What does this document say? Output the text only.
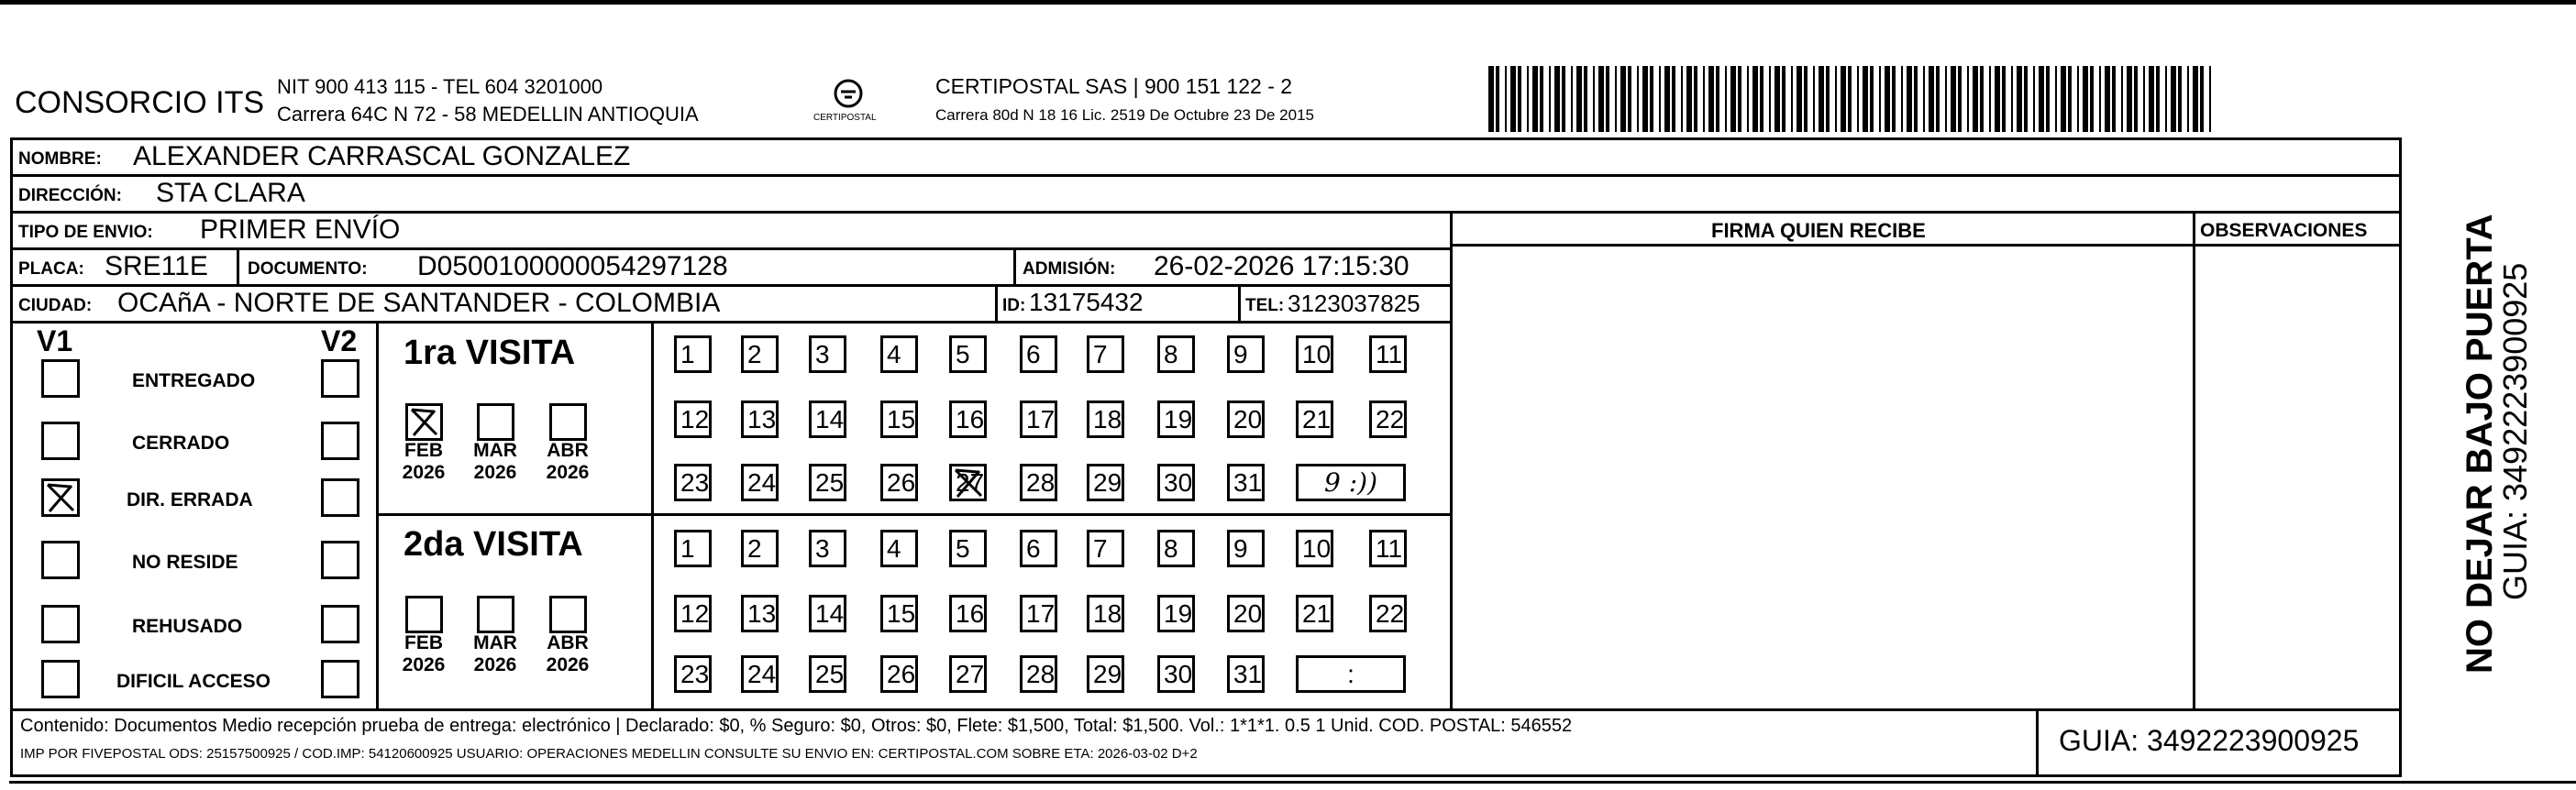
CONSORCIO ITS NIT 900 413 115 - TEL 604 3201000
Carrera 64C N 72 - 58 MEDELLIN ANTIOQUIA	CERTIPOSTAL
CERTIPOSTAL SAS | 900 151 122 - 2
Carrera 80d N 18 16 Lic. 2519 De Octubre 23 De 2015
NOMBRE: ALEXANDER CARRASCAL GONZALEZ
DIRECCIÓN: STA CLARA
TIPO DE ENVIO: PRIMER ENVÍO
PLACA: SRE11E DOCUMENTO: D0500100000054297128	ADMISIÓN: 26-02-2026 17:15:30
CIUDAD: OCAñA - NORTE DE SANTANDER - COLOMBIA	ID: 13175432	TEL: 3123037825
FIRMA QUIEN RECIBE	OBSERVACIONES
V1	V2
ENTREGADO
CERRADO
DIR. ERRADA
NO RESIDE
REHUSADO
DIFICIL ACCESO
1ra VISITA
2da VISITA
FEB
2026
MAR
2026
ABR
2026
FEB
2026
MAR
2026
ABR
2026
1	2	3	4	5	6	7	8	9	10 11
12 13 14 15 16 17 18 19 20 21 22
23 24 25 26 27 28 29 30 31	9 :))
1	2	3	4	5	6	7	8	9	10 11
12 13 14 15 16 17 18 19 20 21 22
23 24 25 26 27 28 29 30 31	:
Contenido: Documentos Medio recepción prueba de entrega: electrónico | Declarado: $0, % Seguro: $0, Otros: $0, Flete: $1,500, Total: $1,500. Vol.: 1*1*1. 0.5 1 Unid. COD. POSTAL: 546552
IMP POR FIVEPOSTAL ODS: 25157500925 / COD.IMP: 54120600925 USUARIO: OPERACIONES MEDELLIN CONSULTE SU ENVIO EN: CERTIPOSTAL.COM SOBRE ETA: 2026-03-02 D+2	GUIA: 3492223900925
NO DEJAR BAJO PUERTA
GUIA: 3492223900925
